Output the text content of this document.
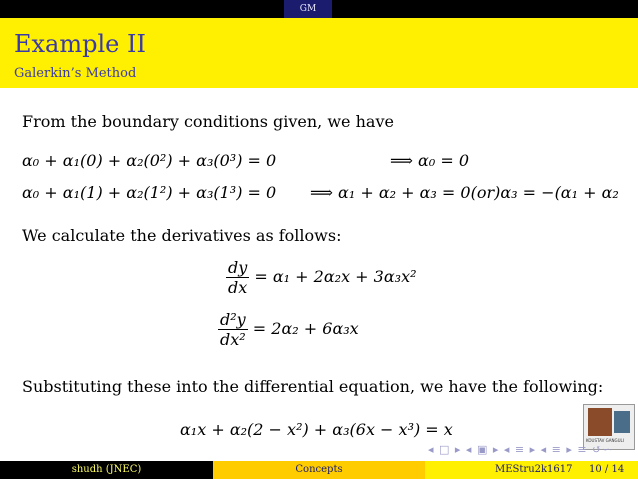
GM
Example II
Galerkin’s Method
From the boundary conditions given, we have
α₀ + α₁(0) + α₂(0²) + α₃(0³) = 0	⟹ α₀ = 0
α₀ + α₁(1) + α₂(1²) + α₃(1³) = 0 ⟹ α₁ + α₂ + α₃ = 0(or)α₃ = −(α₁ + α₂
We calculate the derivatives as follows:
$\frac{dy}{dx} = \alpha_1 + 2\alpha_2x + 3\alpha_3x^2$
$\frac{\text{d²y}}{\text{dx²}} = 2\alpha_2 + 6\alpha_3x$
Substituting these into the differential equation, we have the following:
α₁x + α₂(2 − x²) + α₃(6x − x³) = x
KOUSTAV GANGULI
◂ □ ▸ ◂ ▣ ▸ ◂ ≡ ▸ ◂ ≡ ▸ ≡ ↺∽
shudh (JNEC)	Concepts	MEStru2k1617 10 / 14
